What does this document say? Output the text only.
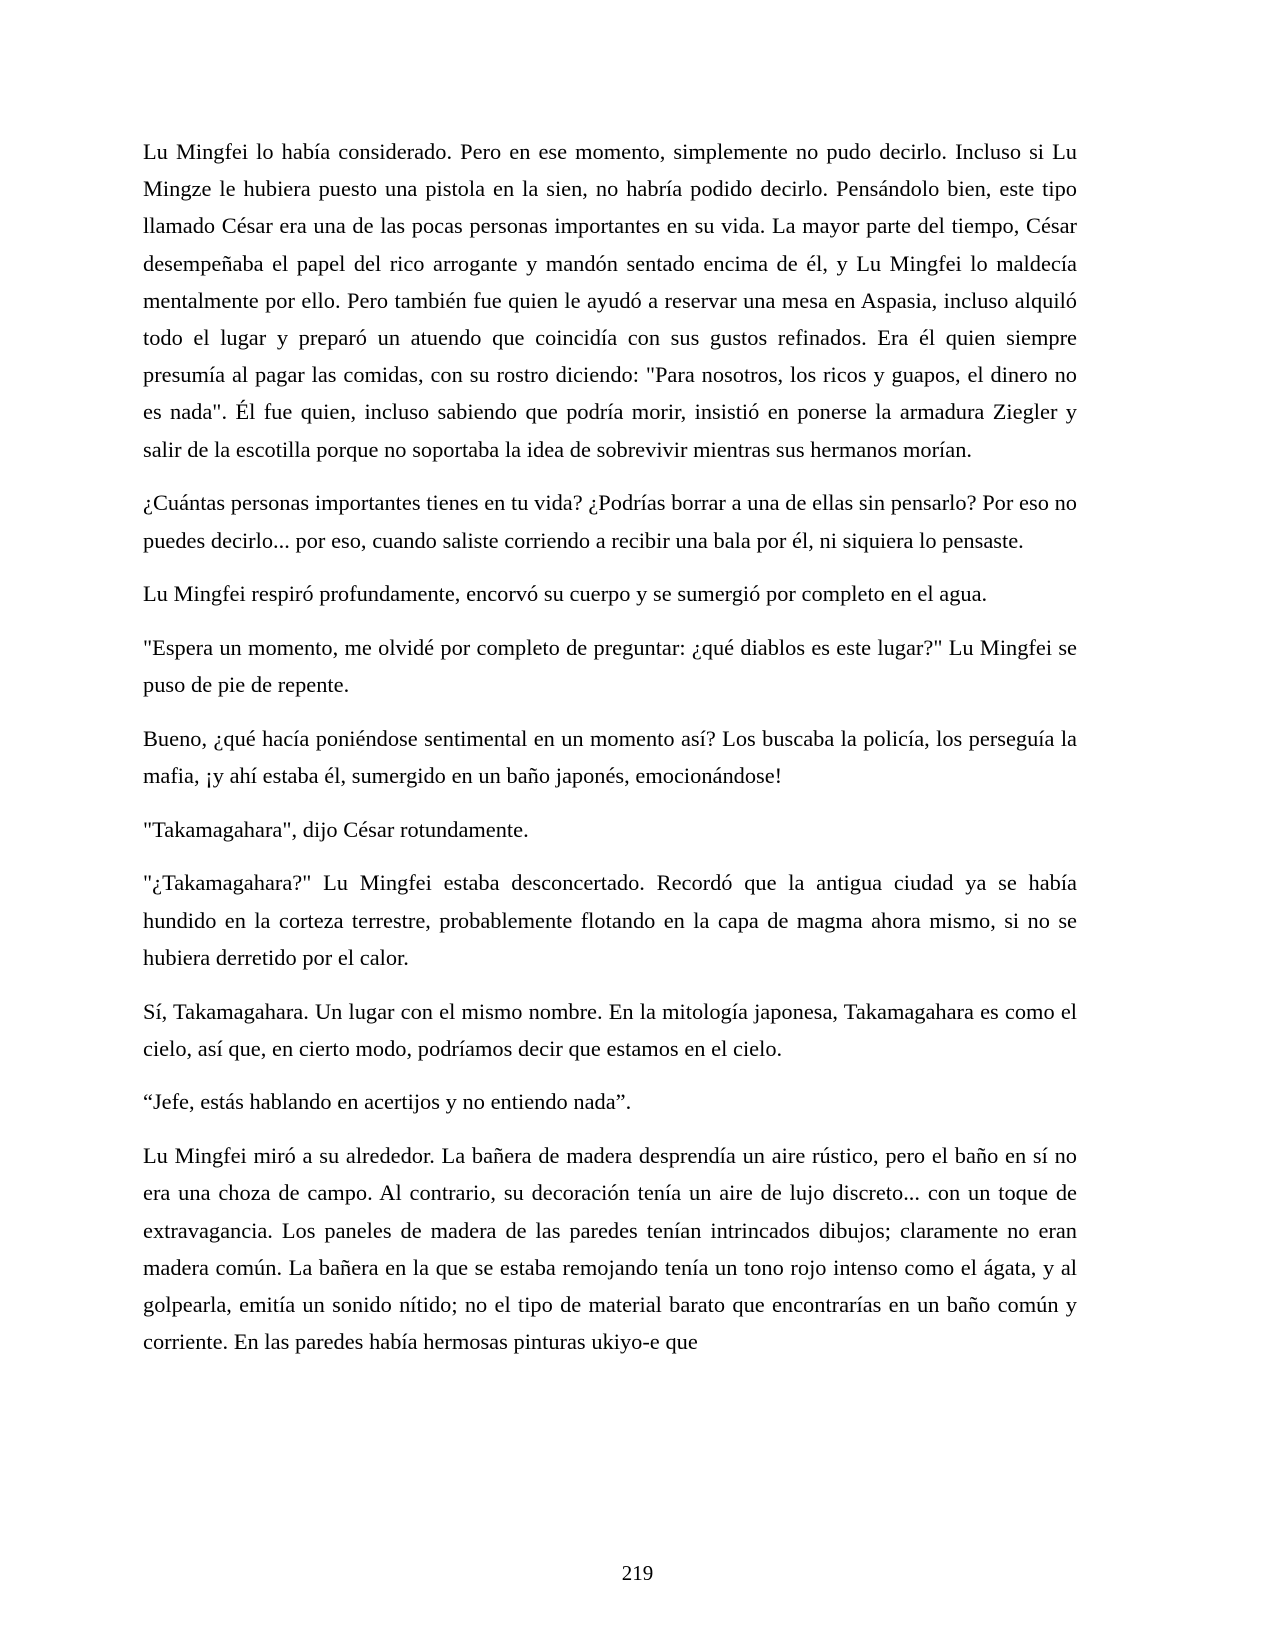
Lu Mingfei lo había considerado. Pero en ese momento, simplemente no pudo decirlo. Incluso si Lu Mingze le hubiera puesto una pistola en la sien, no habría podido decirlo. Pensándolo bien, este tipo llamado César era una de las pocas personas importantes en su vida. La mayor parte del tiempo, César desempeñaba el papel del rico arrogante y mandón sentado encima de él, y Lu Mingfei lo maldecía mentalmente por ello. Pero también fue quien le ayudó a reservar una mesa en Aspasia, incluso alquiló todo el lugar y preparó un atuendo que coincidía con sus gustos refinados. Era él quien siempre presumía al pagar las comidas, con su rostro diciendo: "Para nosotros, los ricos y guapos, el dinero no es nada". Él fue quien, incluso sabiendo que podría morir, insistió en ponerse la armadura Ziegler y salir de la escotilla porque no soportaba la idea de sobrevivir mientras sus hermanos morían.

¿Cuántas personas importantes tienes en tu vida? ¿Podrías borrar a una de ellas sin pensarlo? Por eso no puedes decirlo... por eso, cuando saliste corriendo a recibir una bala por él, ni siquiera lo pensaste.

Lu Mingfei respiró profundamente, encorvó su cuerpo y se sumergió por completo en el agua.

"Espera un momento, me olvidé por completo de preguntar: ¿qué diablos es este lugar?" Lu Mingfei se puso de pie de repente.

Bueno, ¿qué hacía poniéndose sentimental en un momento así? Los buscaba la policía, los perseguía la mafia, ¡y ahí estaba él, sumergido en un baño japonés, emocionándose!

"Takamagahara", dijo César rotundamente.

"¿Takamagahara?" Lu Mingfei estaba desconcertado. Recordó que la antigua ciudad ya se había hundido en la corteza terrestre, probablemente flotando en la capa de magma ahora mismo, si no se hubiera derretido por el calor.

Sí, Takamagahara. Un lugar con el mismo nombre. En la mitología japonesa, Takamagahara es como el cielo, así que, en cierto modo, podríamos decir que estamos en el cielo.

“Jefe, estás hablando en acertijos y no entiendo nada”.

Lu Mingfei miró a su alrededor. La bañera de madera desprendía un aire rústico, pero el baño en sí no era una choza de campo. Al contrario, su decoración tenía un aire de lujo discreto... con un toque de extravagancia. Los paneles de madera de las paredes tenían intrincados dibujos; claramente no eran madera común. La bañera en la que se estaba remojando tenía un tono rojo intenso como el ágata, y al golpearla, emitía un sonido nítido; no el tipo de material barato que encontrarías en un baño común y corriente. En las paredes había hermosas pinturas ukiyo-e que

219
